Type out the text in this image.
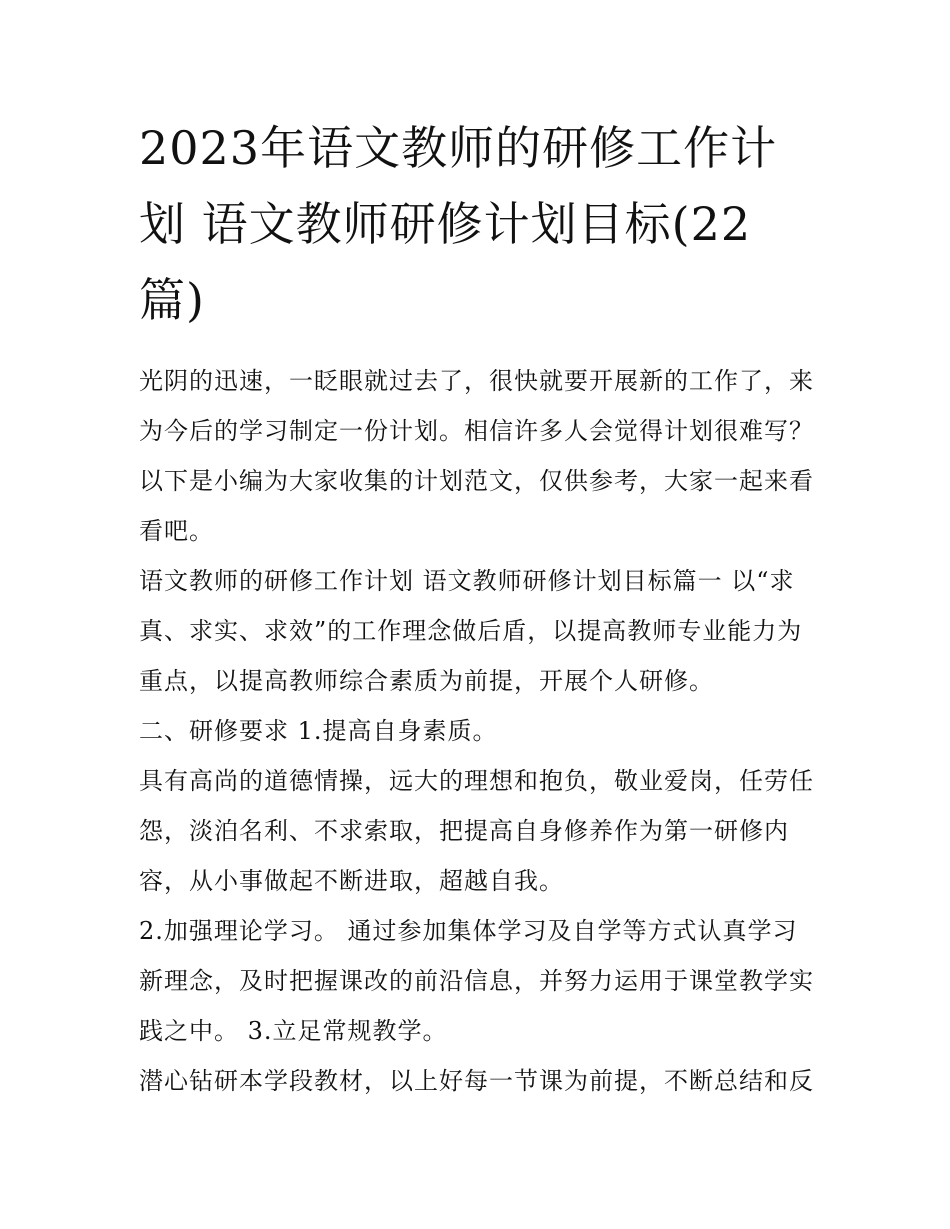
2023年语文教师的研修工作计划 语文教师研修计划目标(22篇)

光阴的迅速，一眨眼就过去了，很快就要开展新的工作了，来为今后的学习制定一份计划。相信许多人会觉得计划很难写？以下是小编为大家收集的计划范文，仅供参考，大家一起来看看吧。

语文教师的研修工作计划 语文教师研修计划目标篇一 以“求真、求实、求效”的工作理念做后盾，以提高教师专业能力为重点，以提高教师综合素质为前提，开展个人研修。

二、研修要求 1.提高自身素质。

具有高尚的道德情操，远大的理想和抱负，敬业爱岗，任劳任怨，淡泊名利、不求索取，把提高自身修养作为第一研修内容，从小事做起不断进取，超越自我。

2.加强理论学习。 通过参加集体学习及自学等方式认真学习新理念，及时把握课改的前沿信息，并努力运用于课堂教学实践之中。 3.立足常规教学。

潜心钻研本学段教材，以上好每一节课为前提，不断总结和反
